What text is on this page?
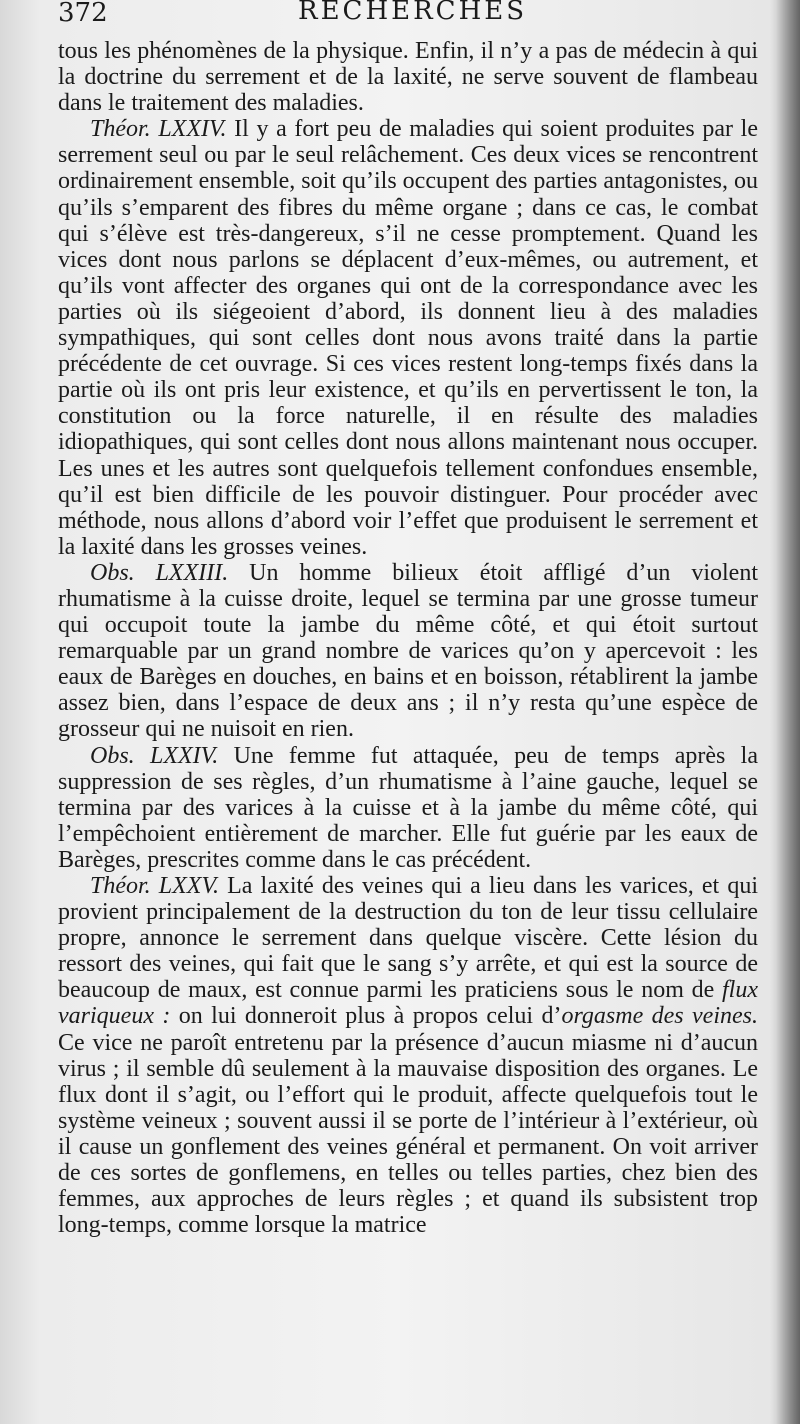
372	RECHERCHES

tous les phénomènes de la physique. Enfin, il n’y a pas de médecin à qui la doctrine du serrement et de la laxité, ne serve souvent de flambeau dans le traitement des maladies.

Théor. LXXIV. Il y a fort peu de maladies qui soient produites par le serrement seul ou par le seul relâchement. Ces deux vices se rencontrent ordinairement ensemble, soit qu’ils occupent des parties antagonistes, ou qu’ils s’emparent des fibres du même organe ; dans ce cas, le combat qui s’élève est très-dangereux, s’il ne cesse promptement. Quand les vices dont nous parlons se déplacent d’eux-mêmes, ou autrement, et qu’ils vont affecter des organes qui ont de la correspondance avec les parties où ils siégeoient d’abord, ils donnent lieu à des maladies sympathiques, qui sont celles dont nous avons traité dans la partie précédente de cet ouvrage. Si ces vices restent long-temps fixés dans la partie où ils ont pris leur existence, et qu’ils en pervertissent le ton, la constitution ou la force naturelle, il en résulte des maladies idiopathiques, qui sont celles dont nous allons maintenant nous occuper. Les unes et les autres sont quelquefois tellement confondues ensemble, qu’il est bien difficile de les pouvoir distinguer. Pour procéder avec méthode, nous allons d’abord voir l’effet que produisent le serrement et la laxité dans les grosses veines.

Obs. LXXIII. Un homme bilieux étoit affligé d’un violent rhumatisme à la cuisse droite, lequel se termina par une grosse tumeur qui occupoit toute la jambe du même côté, et qui étoit surtout remarquable par un grand nombre de varices qu’on y apercevoit : les eaux de Barèges en douches, en bains et en boisson, rétablirent la jambe assez bien, dans l’espace de deux ans ; il n’y resta qu’une espèce de grosseur qui ne nuisoit en rien.

Obs. LXXIV. Une femme fut attaquée, peu de temps après la suppression de ses règles, d’un rhumatisme à l’aine gauche, lequel se termina par des varices à la cuisse et à la jambe du même côté, qui l’empêchoient entièrement de marcher. Elle fut guérie par les eaux de Barèges, prescrites comme dans le cas précédent.

Théor. LXXV. La laxité des veines qui a lieu dans les varices, et qui provient principalement de la destruction du ton de leur tissu cellulaire propre, annonce le serrement dans quelque viscère. Cette lésion du ressort des veines, qui fait que le sang s’y arrête, et qui est la source de beaucoup de maux, est connue parmi les praticiens sous le nom de flux variqueux : on lui donneroit plus à propos celui d’orgasme des veines. Ce vice ne paroît entretenu par la présence d’aucun miasme ni d’aucun virus ; il semble dû seulement à la mauvaise disposition des organes. Le flux dont il s’agit, ou l’effort qui le produit, affecte quelquefois tout le système veineux ; souvent aussi il se porte de l’intérieur à l’extérieur, où il cause un gonflement des veines général et permanent. On voit arriver de ces sortes de gonflemens, en telles ou telles parties, chez bien des femmes, aux approches de leurs règles ; et quand ils subsistent trop long-temps, comme lorsque la matrice
